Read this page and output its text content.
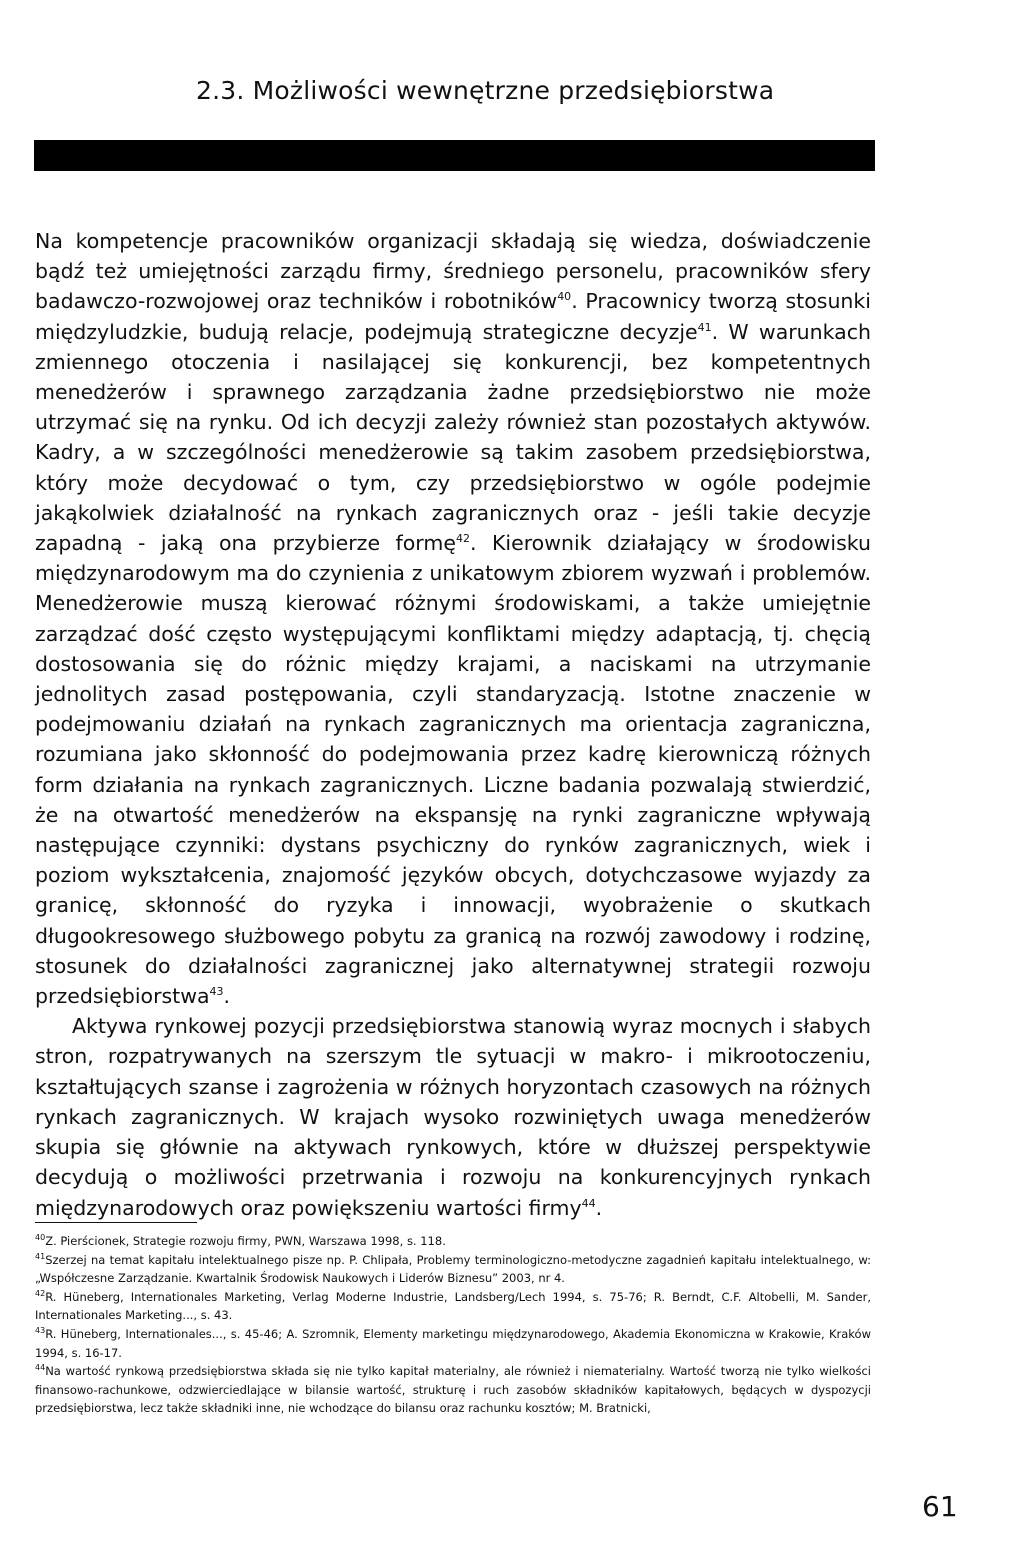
2.3. Możliwości wewnętrzne przedsiębiorstwa

Na kompetencje pracowników organizacji składają się wiedza, doświadczenie bądź też umiejętności zarządu firmy, średniego personelu, pracowników sfery badawczo-rozwojowej oraz techników i robotników$^{40}$. Pracownicy tworzą stosunki międzyludzkie, budują relacje, podejmują strategiczne decyzje$^{41}$. W warunkach zmiennego otoczenia i nasilającej się konkurencji, bez kompetentnych menedżerów i sprawnego zarządzania żadne przedsiębiorstwo nie może utrzymać się na rynku. Od ich decyzji zależy również stan pozostałych aktywów. Kadry, a w szczególności menedżerowie są takim zasobem przedsiębiorstwa, który może decydować o tym, czy przedsiębiorstwo w ogóle podejmie jakąkolwiek działalność na rynkach zagranicznych oraz - jeśli takie decyzje zapadną - jaką ona przybierze formę$^{42}$. Kierownik działający w środowisku międzynarodowym ma do czynienia z unikatowym zbiorem wyzwań i problemów. Menedżerowie muszą kierować różnymi środowiskami, a także umiejętnie zarządzać dość często występującymi konfliktami między adaptacją, tj. chęcią dostosowania się do różnic między krajami, a naciskami na utrzymanie jednolitych zasad postępowania, czyli standaryzacją. Istotne znaczenie w podejmowaniu działań na rynkach zagranicznych ma orientacja zagraniczna, rozumiana jako skłonność do podejmowania przez kadrę kierowniczą różnych form działania na rynkach zagranicznych. Liczne badania pozwalają stwierdzić, że na otwartość menedżerów na ekspansję na rynki zagraniczne wpływają następujące czynniki: dystans psychiczny do rynków zagranicznych, wiek i poziom wykształcenia, znajomość języków obcych, dotychczasowe wyjazdy za granicę, skłonność do ryzyka i innowacji, wyobrażenie o skutkach długookresowego służbowego pobytu za granicą na rozwój zawodowy i rodzinę, stosunek do działalności zagranicznej jako alternatywnej strategii rozwoju przedsiębiorstwa$^{43}$.

Aktywa rynkowej pozycji przedsiębiorstwa stanowią wyraz mocnych i słabych stron, rozpatrywanych na szerszym tle sytuacji w makro- i mikrootoczeniu, kształtujących szanse i zagrożenia w różnych horyzontach czasowych na różnych rynkach zagranicznych. W krajach wysoko rozwiniętych uwaga menedżerów skupia się głównie na aktywach rynkowych, które w dłuższej perspektywie decydują o możliwości przetrwania i rozwoju na konkurencyjnych rynkach międzynarodowych oraz powiększeniu wartości firmy$^{44}$.

$^{40}$Z. Pierścionek, Strategie rozwoju firmy, PWN, Warszawa 1998, s. 118.

$^{41}$Szerzej na temat kapitału intelektualnego pisze np. P. Chlipała, Problemy terminologiczno-metodyczne zagadnień kapitału intelektualnego, w: „Współczesne Zarządzanie. Kwartalnik Środowisk Naukowych i Liderów Biznesu” 2003, nr 4.

$^{42}$R. Hüneberg, Internationales Marketing, Verlag Moderne Industrie, Landsberg/Lech 1994, s. 75-76; R. Berndt, C.F. Altobelli, M. Sander, Internationales Marketing..., s. 43.

$^{43}$R. Hüneberg, Internationales..., s. 45-46; A. Szromnik, Elementy marketingu międzynarodowego, Akademia Ekonomiczna w Krakowie, Kraków 1994, s. 16-17.

$^{44}$Na wartość rynkową przedsiębiorstwa składa się nie tylko kapitał materialny, ale również i niematerialny. Wartość tworzą nie tylko wielkości finansowo-rachunkowe, odzwierciedlające w bilansie wartość, strukturę i ruch zasobów składników kapitałowych, będących w dyspozycji przedsiębiorstwa, lecz także składniki inne, nie wchodzące do bilansu oraz rachunku kosztów; M. Bratnicki,

61
